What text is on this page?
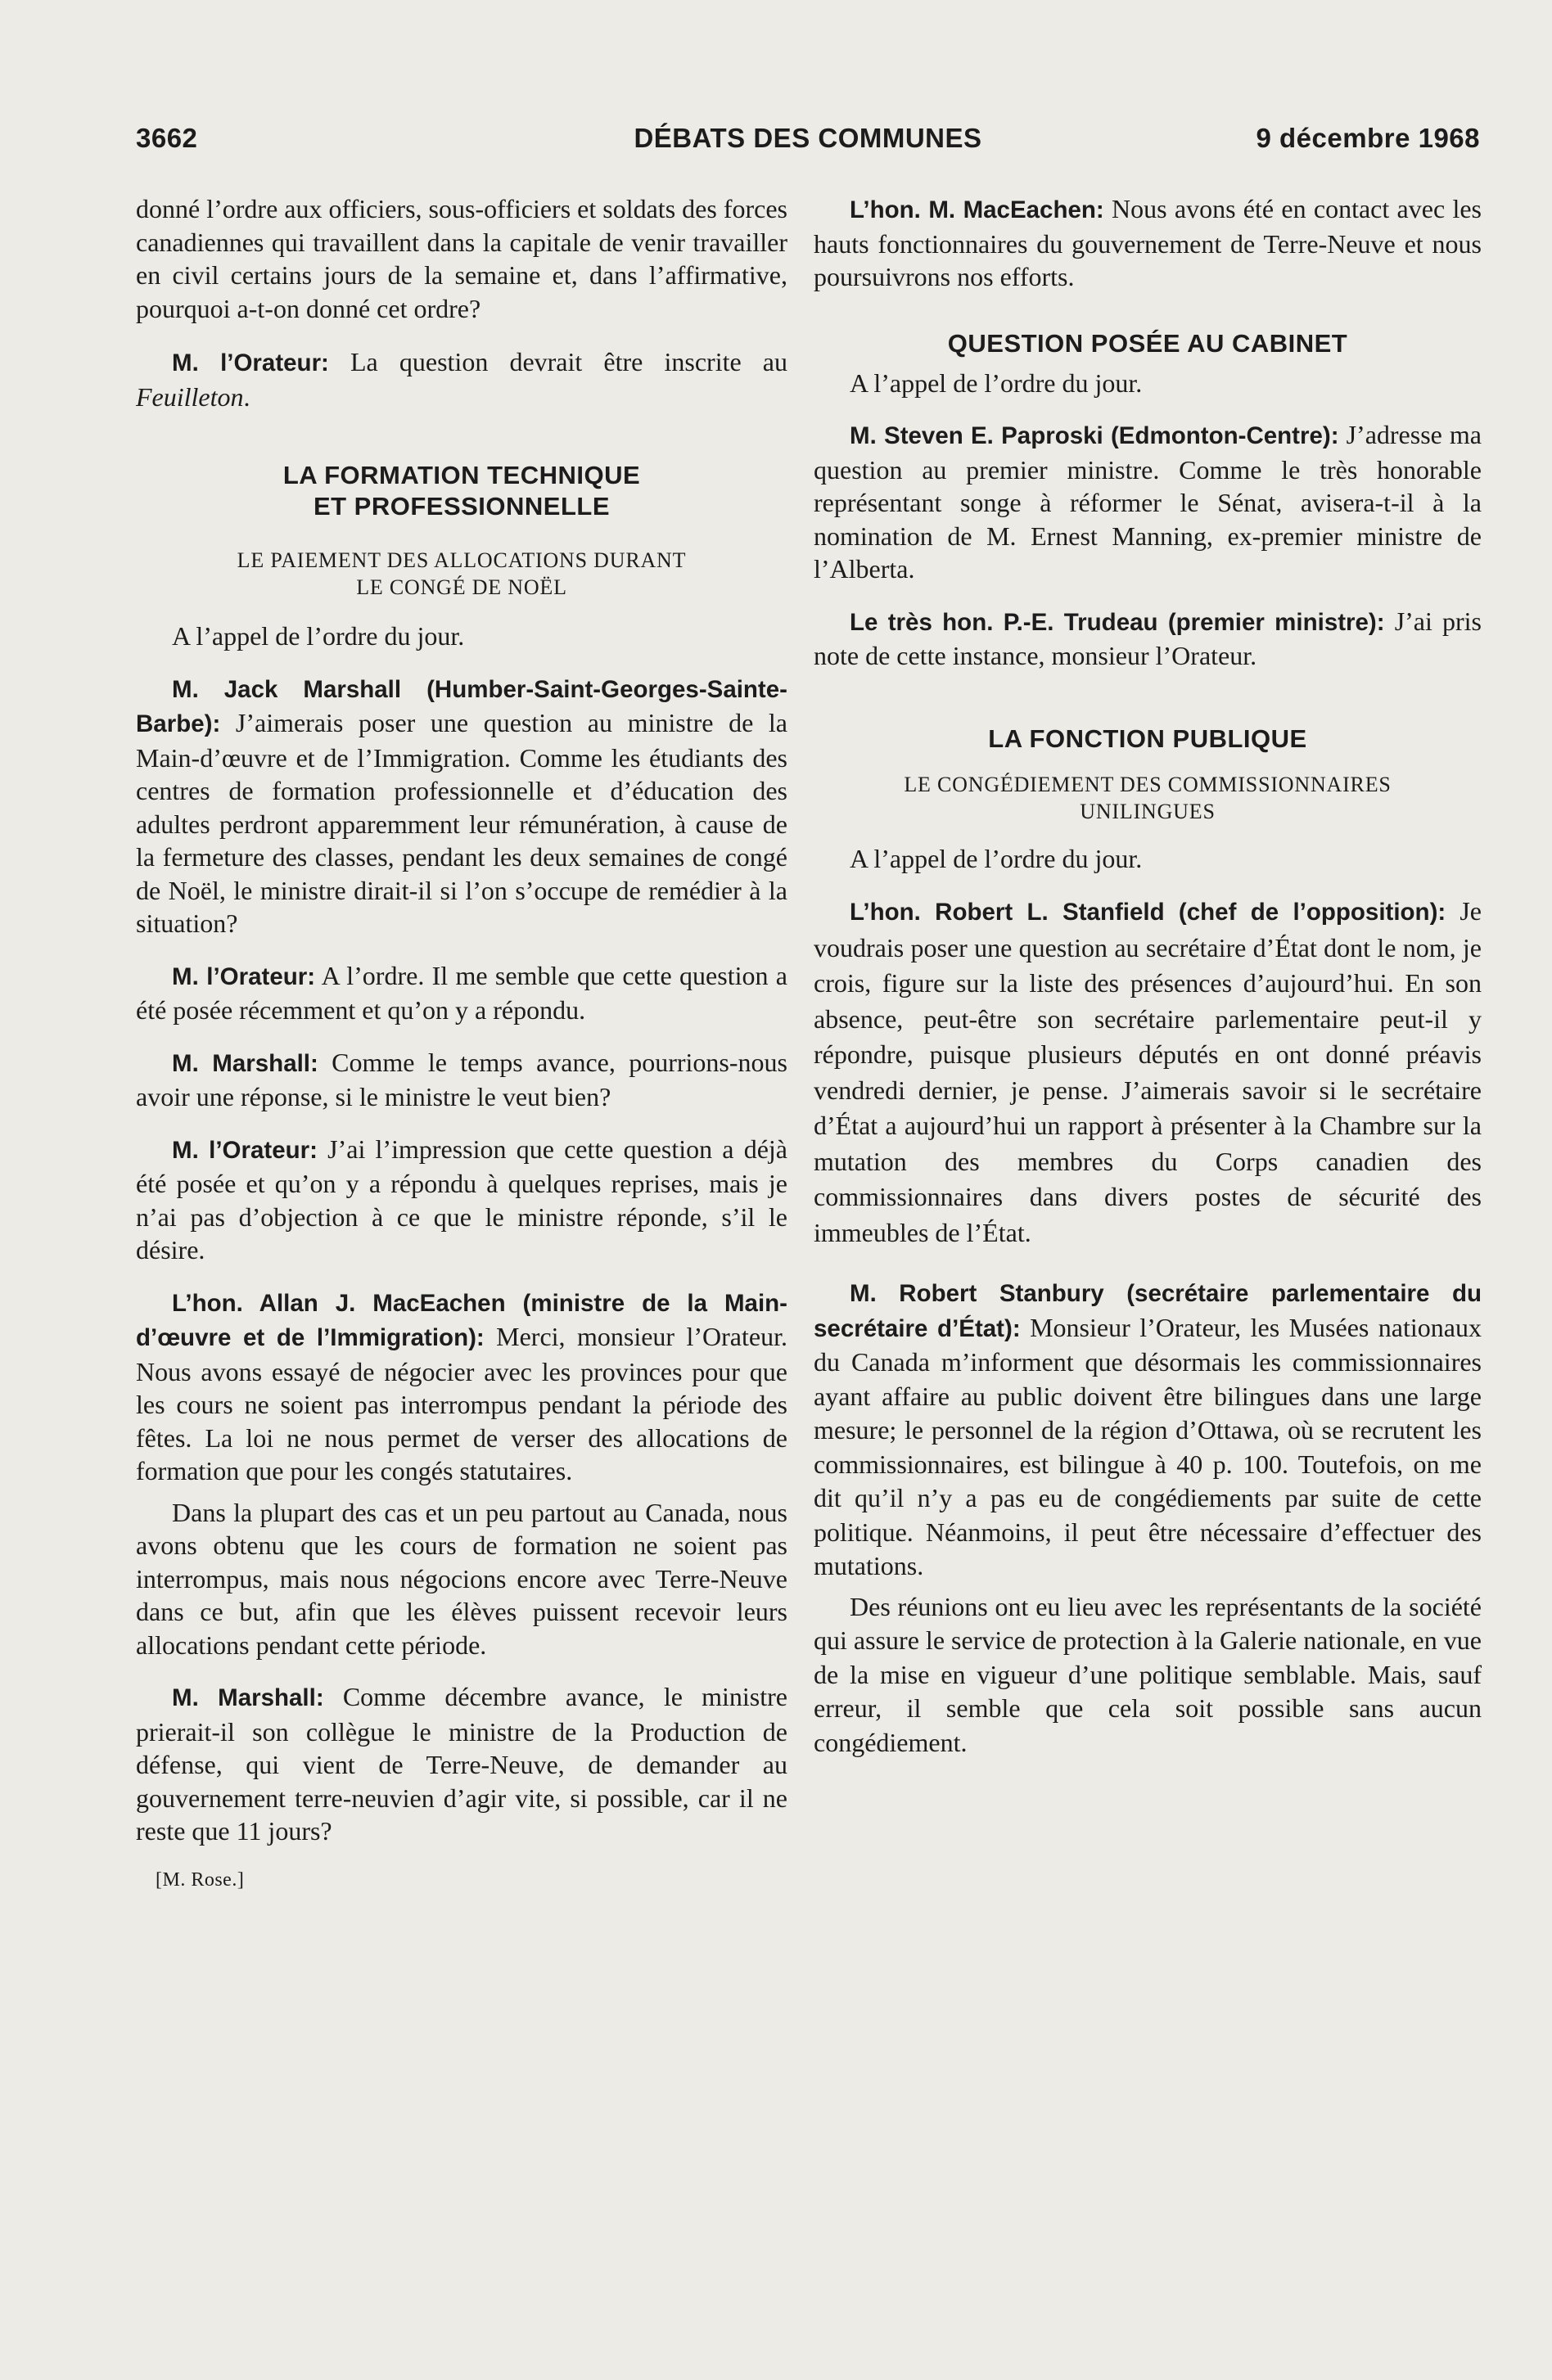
3662	DÉBATS DES COMMUNES	9 décembre 1968

donné l’ordre aux officiers, sous-officiers et soldats des forces canadiennes qui travaillent dans la capitale de venir travailler en civil certains jours de la semaine et, dans l’affirmative, pourquoi a-t-on donné cet ordre?

M. l’Orateur: La question devrait être inscrite au Feuilleton.

LA FORMATION TECHNIQUE
ET PROFESSIONNELLE
LE PAIEMENT DES ALLOCATIONS DURANT
LE CONGÉ DE NOËL

A l’appel de l’ordre du jour.

M. Jack Marshall (Humber-Saint-Georges-Sainte-Barbe): J’aimerais poser une question au ministre de la Main-d’œuvre et de l’Immigration. Comme les étudiants des centres de formation professionnelle et d’éducation des adultes perdront apparemment leur rémunération, à cause de la fermeture des classes, pendant les deux semaines de congé de Noël, le ministre dirait-il si l’on s’occupe de remédier à la situation?

M. l’Orateur: A l’ordre. Il me semble que cette question a été posée récemment et qu’on y a répondu.

M. Marshall: Comme le temps avance, pourrions-nous avoir une réponse, si le ministre le veut bien?

M. l’Orateur: J’ai l’impression que cette question a déjà été posée et qu’on y a répondu à quelques reprises, mais je n’ai pas d’objection à ce que le ministre réponde, s’il le désire.

L’hon. Allan J. MacEachen (ministre de la Main-d’œuvre et de l’Immigration): Merci, monsieur l’Orateur. Nous avons essayé de négocier avec les provinces pour que les cours ne soient pas interrompus pendant la période des fêtes. La loi ne nous permet de verser des allocations de formation que pour les congés statutaires.

Dans la plupart des cas et un peu partout au Canada, nous avons obtenu que les cours de formation ne soient pas interrompus, mais nous négocions encore avec Terre-Neuve dans ce but, afin que les élèves puissent recevoir leurs allocations pendant cette période.

M. Marshall: Comme décembre avance, le ministre prierait-il son collègue le ministre de la Production de défense, qui vient de Terre-Neuve, de demander au gouvernement terre-neuvien d’agir vite, si possible, car il ne reste que 11 jours?

[M. Rose.]

L’hon. M. MacEachen: Nous avons été en contact avec les hauts fonctionnaires du gouvernement de Terre-Neuve et nous poursuivrons nos efforts.

QUESTION POSÉE AU CABINET

A l’appel de l’ordre du jour.

M. Steven E. Paproski (Edmonton-Centre): J’adresse ma question au premier ministre. Comme le très honorable représentant songe à réformer le Sénat, avisera-t-il à la nomination de M. Ernest Manning, ex-premier ministre de l’Alberta.

Le très hon. P.-E. Trudeau (premier ministre): J’ai pris note de cette instance, monsieur l’Orateur.

LA FONCTION PUBLIQUE
LE CONGÉDIEMENT DES COMMISSIONNAIRES
UNILINGUES

A l’appel de l’ordre du jour.

L’hon. Robert L. Stanfield (chef de l’opposition): Je voudrais poser une question au secrétaire d’État dont le nom, je crois, figure sur la liste des présences d’aujourd’hui. En son absence, peut-être son secrétaire parlementaire peut-il y répondre, puisque plusieurs députés en ont donné préavis vendredi dernier, je pense. J’aimerais savoir si le secrétaire d’État a aujourd’hui un rapport à présenter à la Chambre sur la mutation des membres du Corps canadien des commissionnaires dans divers postes de sécurité des immeubles de l’État.

M. Robert Stanbury (secrétaire parlementaire du secrétaire d’État): Monsieur l’Orateur, les Musées nationaux du Canada m’informent que désormais les commissionnaires ayant affaire au public doivent être bilingues dans une large mesure; le personnel de la région d’Ottawa, où se recrutent les commissionnaires, est bilingue à 40 p. 100. Toutefois, on me dit qu’il n’y a pas eu de congédiements par suite de cette politique. Néanmoins, il peut être nécessaire d’effectuer des mutations.

Des réunions ont eu lieu avec les représentants de la société qui assure le service de protection à la Galerie nationale, en vue de la mise en vigueur d’une politique semblable. Mais, sauf erreur, il semble que cela soit possible sans aucun congédiement.
